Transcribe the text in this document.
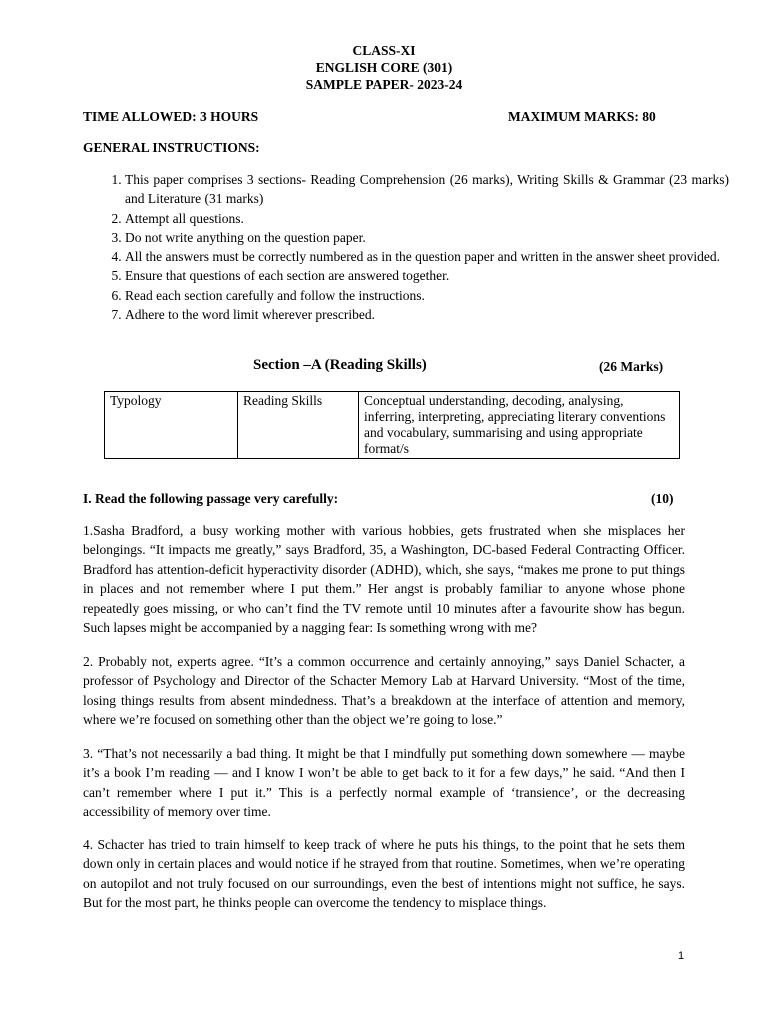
CLASS-XI
ENGLISH CORE (301)
SAMPLE PAPER- 2023-24
TIME ALLOWED: 3 HOURS	MAXIMUM MARKS: 80
GENERAL INSTRUCTIONS:
1. This paper comprises 3 sections- Reading Comprehension (26 marks), Writing Skills & Grammar (23 marks) and Literature (31 marks)
2. Attempt all questions.
3. Do not write anything on the question paper.
4. All the answers must be correctly numbered as in the question paper and written in the answer sheet provided.
5. Ensure that questions of each section are answered together.
6. Read each section carefully and follow the instructions.
7. Adhere to the word limit wherever prescribed.
Section –A (Reading Skills)	(26 Marks)
Typology	Reading Skills	Conceptual understanding, decoding, analysing, inferring, interpreting, appreciating literary conventions and vocabulary, summarising and using appropriate format/s
I. Read the following passage very carefully:	(10)

1.Sasha Bradford, a busy working mother with various hobbies, gets frustrated when she misplaces her belongings. “It impacts me greatly,” says Bradford, 35, a Washington, DC-based Federal Contracting Officer. Bradford has attention-deficit hyperactivity disorder (ADHD), which, she says, “makes me prone to put things in places and not remember where I put them.” Her angst is probably familiar to anyone whose phone repeatedly goes missing, or who can’t find the TV remote until 10 minutes after a favourite show has begun. Such lapses might be accompanied by a nagging fear: Is something wrong with me?

2. Probably not, experts agree. “It’s a common occurrence and certainly annoying,” says Daniel Schacter, a professor of Psychology and Director of the Schacter Memory Lab at Harvard University. “Most of the time, losing things results from absent mindedness. That’s a breakdown at the interface of attention and memory, where we’re focused on something other than the object we’re going to lose.”

3. “That’s not necessarily a bad thing. It might be that I mindfully put something down somewhere — maybe it’s a book I’m reading — and I know I won’t be able to get back to it for a few days,” he said. “And then I can’t remember where I put it.” This is a perfectly normal example of ‘transience’, or the decreasing accessibility of memory over time.

4. Schacter has tried to train himself to keep track of where he puts his things, to the point that he sets them down only in certain places and would notice if he strayed from that routine. Sometimes, when we’re operating on autopilot and not truly focused on our surroundings, even the best of intentions might not suffice, he says. But for the most part, he thinks people can overcome the tendency to misplace things.

1
